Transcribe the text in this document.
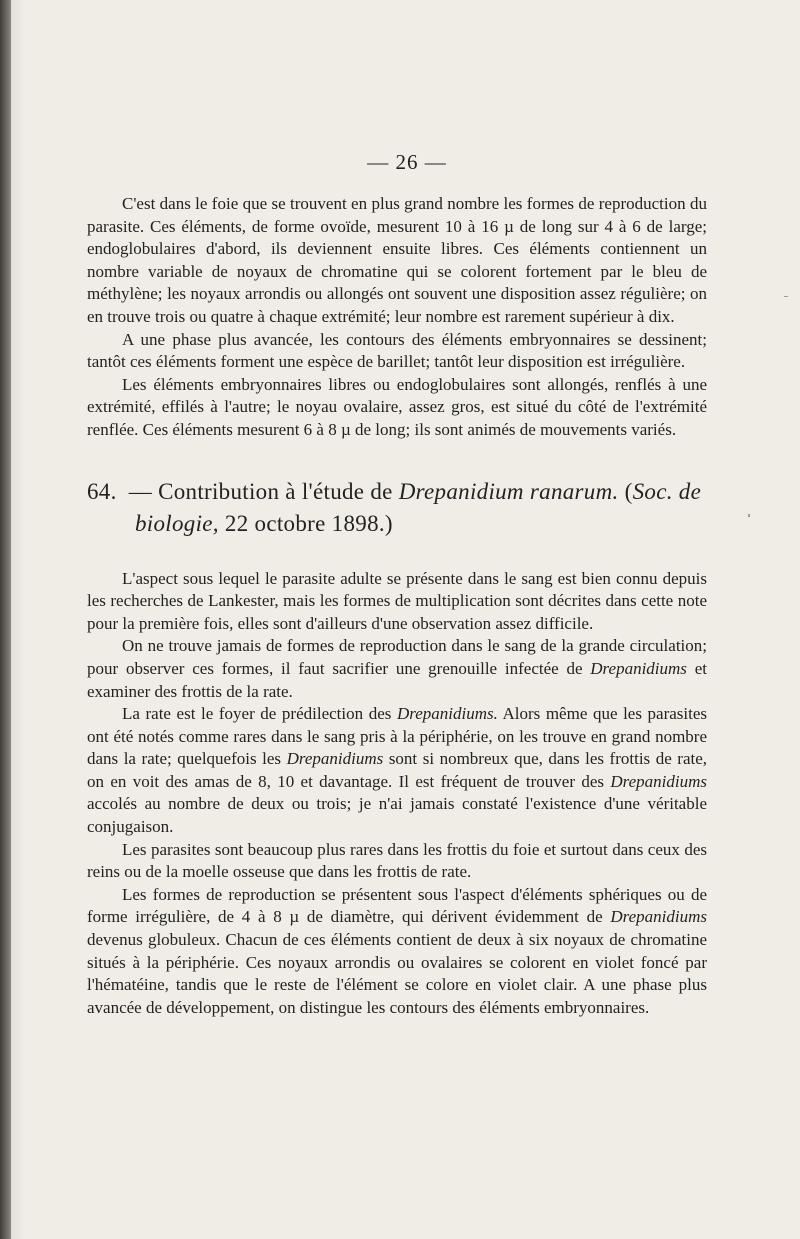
— 26 —

C'est dans le foie que se trouvent en plus grand nombre les formes de reproduction du parasite. Ces éléments, de forme ovoïde, mesurent 10 à 16 µ de long sur 4 à 6 de large; endoglobulaires d'abord, ils deviennent ensuite libres. Ces éléments contiennent un nombre variable de noyaux de chromatine qui se colorent fortement par le bleu de méthylène; les noyaux arrondis ou allongés ont souvent une disposition assez régulière; on en trouve trois ou quatre à chaque extrémité; leur nombre est rarement supérieur à dix.

A une phase plus avancée, les contours des éléments embryonnaires se dessinent; tantôt ces éléments forment une espèce de barillet; tantôt leur disposition est irrégulière.

Les éléments embryonnaires libres ou endoglobulaires sont allongés, renflés à une extrémité, effilés à l'autre; le noyau ovalaire, assez gros, est situé du côté de l'extrémité renflée. Ces éléments mesurent 6 à 8 µ de long; ils sont animés de mouvements variés.

64. — Contribution à l'étude de Drepanidium ranarum. (Soc. de biologie, 22 octobre 1898.)

L'aspect sous lequel le parasite adulte se présente dans le sang est bien connu depuis les recherches de Lankester, mais les formes de multiplication sont décrites dans cette note pour la première fois, elles sont d'ailleurs d'une observation assez difficile.

On ne trouve jamais de formes de reproduction dans le sang de la grande circulation; pour observer ces formes, il faut sacrifier une grenouille infectée de Drepanidiums et examiner des frottis de la rate.

La rate est le foyer de prédilection des Drepanidiums. Alors même que les parasites ont été notés comme rares dans le sang pris à la périphérie, on les trouve en grand nombre dans la rate; quelquefois les Drepanidiums sont si nombreux que, dans les frottis de rate, on en voit des amas de 8, 10 et davantage. Il est fréquent de trouver des Drepanidiums accolés au nombre de deux ou trois; je n'ai jamais constaté l'existence d'une véritable conjugaison.

Les parasites sont beaucoup plus rares dans les frottis du foie et surtout dans ceux des reins ou de la moelle osseuse que dans les frottis de rate.

Les formes de reproduction se présentent sous l'aspect d'éléments sphériques ou de forme irrégulière, de 4 à 8 µ de diamètre, qui dérivent évidemment de Drepanidiums devenus globuleux. Chacun de ces éléments contient de deux à six noyaux de chromatine situés à la périphérie. Ces noyaux arrondis ou ovalaires se colorent en violet foncé par l'hématéine, tandis que le reste de l'élément se colore en violet clair. A une phase plus avancée de développement, on distingue les contours des éléments embryonnaires.
